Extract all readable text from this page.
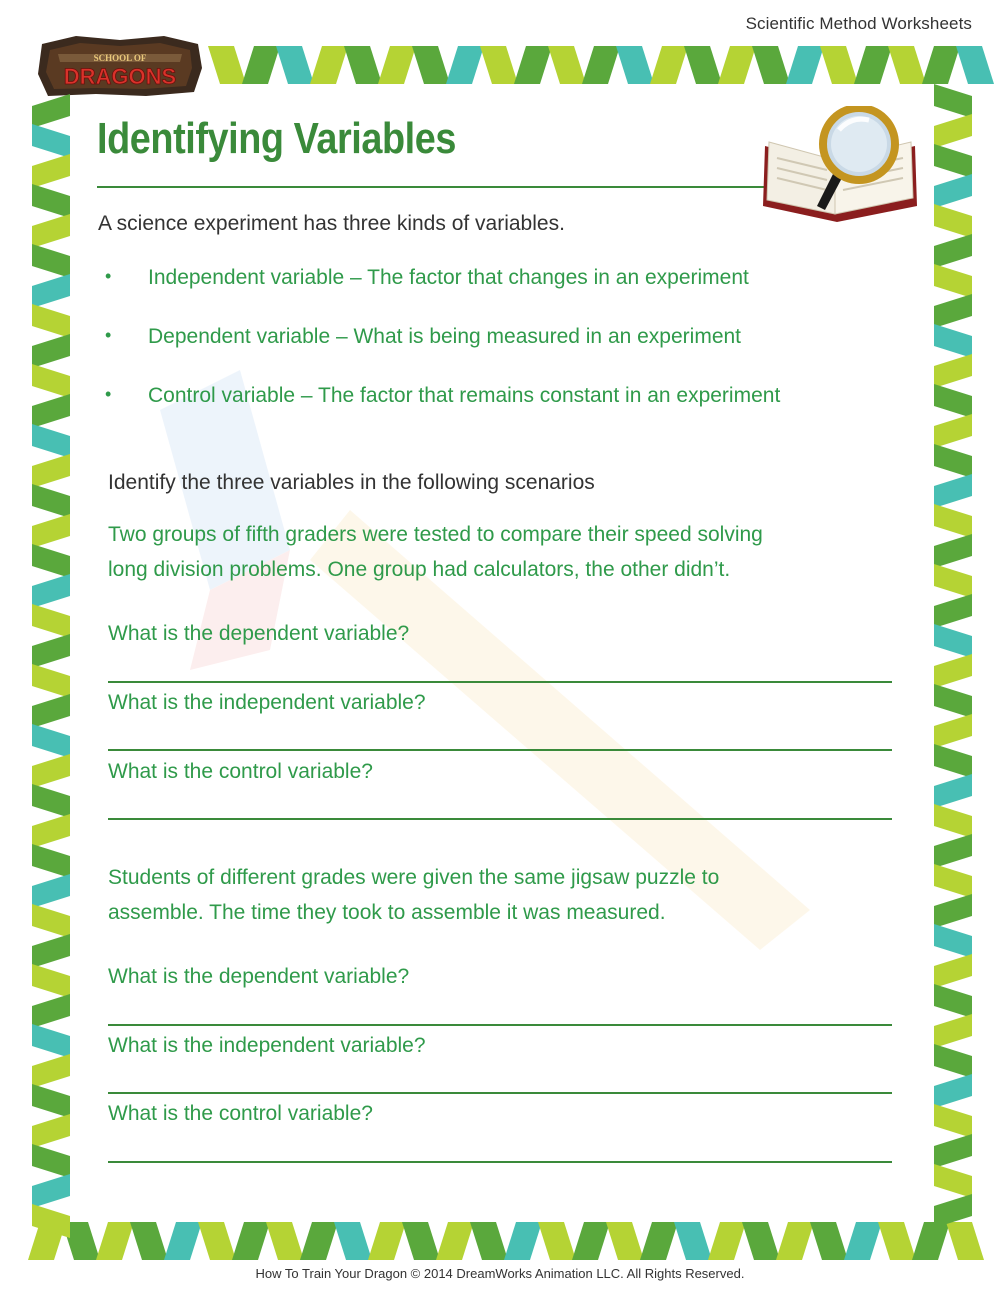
Scientific Method Worksheets
SCHOOL OF
DRAGONS
Identifying Variables
A science experiment has three kinds of variables.
• Independent variable – The factor that changes in an experiment
• Dependent variable – What is being measured in an experiment
• Control variable – The factor that remains constant in an experiment
Identify the three variables in the following scenarios
Two groups of fifth graders were tested to compare their speed solving
long division problems. One group had calculators, the other didn’t.
What is the dependent variable?
What is the independent variable?
What is the control variable?
Students of different grades were given the same jigsaw puzzle to
assemble. The time they took to assemble it was measured.
What is the dependent variable?
What is the independent variable?
What is the control variable?
How To Train Your Dragon © 2014 DreamWorks Animation LLC. All Rights Reserved.
